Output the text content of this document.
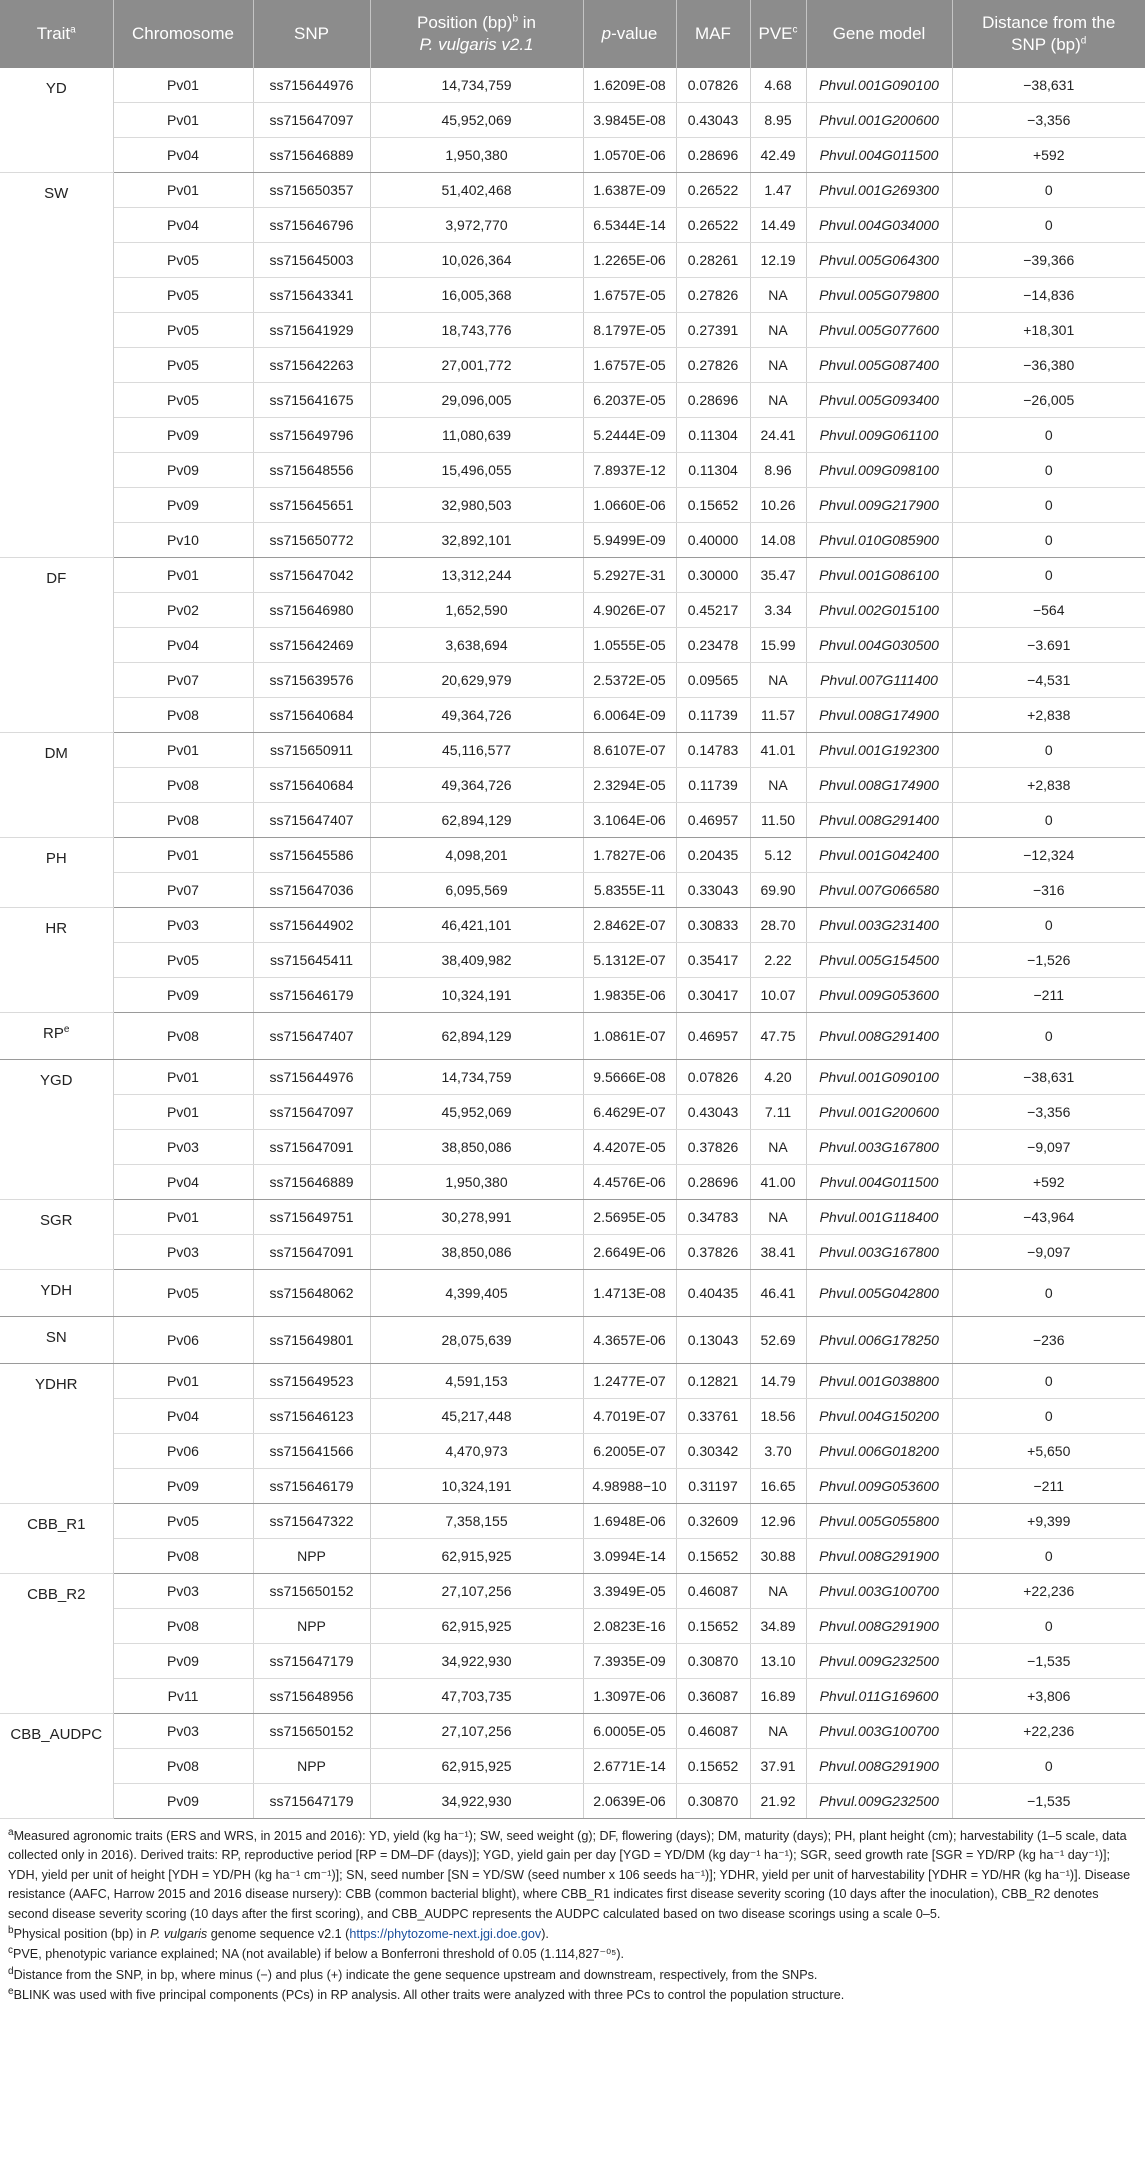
Trait$^a$	Chromosome	SNP	Position (bp)$^b$ in
P. vulgaris v2.1	p-value	MAF	PVE$^c$	Gene model	Distance from the
SNP (bp)$^d$
YD	Pv01	ss715644976	14,734,759	1.6209E-08	0.07826	4.68	Phvul.001G090100	−38,631
	Pv01	ss715647097	45,952,069	3.9845E-08	0.43043	8.95	Phvul.001G200600	−3,356
	Pv04	ss715646889	1,950,380	1.0570E-06	0.28696	42.49	Phvul.004G011500	+592
SW	Pv01	ss715650357	51,402,468	1.6387E-09	0.26522	1.47	Phvul.001G269300	0
	Pv04	ss715646796	3,972,770	6.5344E-14	0.26522	14.49	Phvul.004G034000	0
	Pv05	ss715645003	10,026,364	1.2265E-06	0.28261	12.19	Phvul.005G064300	−39,366
	Pv05	ss715643341	16,005,368	1.6757E-05	0.27826	NA	Phvul.005G079800	−14,836
	Pv05	ss715641929	18,743,776	8.1797E-05	0.27391	NA	Phvul.005G077600	+18,301
	Pv05	ss715642263	27,001,772	1.6757E-05	0.27826	NA	Phvul.005G087400	−36,380
	Pv05	ss715641675	29,096,005	6.2037E-05	0.28696	NA	Phvul.005G093400	−26,005
	Pv09	ss715649796	11,080,639	5.2444E-09	0.11304	24.41	Phvul.009G061100	0
	Pv09	ss715648556	15,496,055	7.8937E-12	0.11304	8.96	Phvul.009G098100	0
	Pv09	ss715645651	32,980,503	1.0660E-06	0.15652	10.26	Phvul.009G217900	0
	Pv10	ss715650772	32,892,101	5.9499E-09	0.40000	14.08	Phvul.010G085900	0
DF	Pv01	ss715647042	13,312,244	5.2927E-31	0.30000	35.47	Phvul.001G086100	0
	Pv02	ss715646980	1,652,590	4.9026E-07	0.45217	3.34	Phvul.002G015100	−564
	Pv04	ss715642469	3,638,694	1.0555E-05	0.23478	15.99	Phvul.004G030500	−3.691
	Pv07	ss715639576	20,629,979	2.5372E-05	0.09565	NA	Phvul.007G111400	−4,531
	Pv08	ss715640684	49,364,726	6.0064E-09	0.11739	11.57	Phvul.008G174900	+2,838
DM	Pv01	ss715650911	45,116,577	8.6107E-07	0.14783	41.01	Phvul.001G192300	0
	Pv08	ss715640684	49,364,726	2.3294E-05	0.11739	NA	Phvul.008G174900	+2,838
	Pv08	ss715647407	62,894,129	3.1064E-06	0.46957	11.50	Phvul.008G291400	0
PH	Pv01	ss715645586	4,098,201	1.7827E-06	0.20435	5.12	Phvul.001G042400	−12,324
	Pv07	ss715647036	6,095,569	5.8355E-11	0.33043	69.90	Phvul.007G066580	−316
HR	Pv03	ss715644902	46,421,101	2.8462E-07	0.30833	28.70	Phvul.003G231400	0
	Pv05	ss715645411	38,409,982	5.1312E-07	0.35417	2.22	Phvul.005G154500	−1,526
	Pv09	ss715646179	10,324,191	1.9835E-06	0.30417	10.07	Phvul.009G053600	−211
$RP^e$	Pv08	ss715647407	62,894,129	1.0861E-07	0.46957	47.75	Phvul.008G291400	0
YGD	Pv01	ss715644976	14,734,759	9.5666E-08	0.07826	4.20	Phvul.001G090100	−38,631
	Pv01	ss715647097	45,952,069	6.4629E-07	0.43043	7.11	Phvul.001G200600	−3,356
	Pv03	ss715647091	38,850,086	4.4207E-05	0.37826	NA	Phvul.003G167800	−9,097
	Pv04	ss715646889	1,950,380	4.4576E-06	0.28696	41.00	Phvul.004G011500	+592
SGR	Pv01	ss715649751	30,278,991	2.5695E-05	0.34783	NA	Phvul.001G118400	−43,964
	Pv03	ss715647091	38,850,086	2.6649E-06	0.37826	38.41	Phvul.003G167800	−9,097
YDH	Pv05	ss715648062	4,399,405	1.4713E-08	0.40435	46.41	Phvul.005G042800	0
SN	Pv06	ss715649801	28,075,639	4.3657E-06	0.13043	52.69	Phvul.006G178250	−236
YDHR	Pv01	ss715649523	4,591,153	1.2477E-07	0.12821	14.79	Phvul.001G038800	0
	Pv04	ss715646123	45,217,448	4.7019E-07	0.33761	18.56	Phvul.004G150200	0
	Pv06	ss715641566	4,470,973	6.2005E-07	0.30342	3.70	Phvul.006G018200	+5,650
	Pv09	ss715646179	10,324,191	4.98988−10	0.31197	16.65	Phvul.009G053600	−211
CBB_R1	Pv05	ss715647322	7,358,155	1.6948E-06	0.32609	12.96	Phvul.005G055800	+9,399
	Pv08	NPP	62,915,925	3.0994E-14	0.15652	30.88	Phvul.008G291900	0
CBB_R2	Pv03	ss715650152	27,107,256	3.3949E-05	0.46087	NA	Phvul.003G100700	+22,236
	Pv08	NPP	62,915,925	2.0823E-16	0.15652	34.89	Phvul.008G291900	0
	Pv09	ss715647179	34,922,930	7.3935E-09	0.30870	13.10	Phvul.009G232500	−1,535
	Pv11	ss715648956	47,703,735	1.3097E-06	0.36087	16.89	Phvul.011G169600	+3,806
CBB_AUDPC	Pv03	ss715650152	27,107,256	6.0005E-05	0.46087	NA	Phvul.003G100700	+22,236
	Pv08	NPP	62,915,925	2.6771E-14	0.15652	37.91	Phvul.008G291900	0
	Pv09	ss715647179	34,922,930	2.0639E-06	0.30870	21.92	Phvul.009G232500	−1,535

$^a$Measured agronomic traits (ERS and WRS, in 2015 and 2016): YD, yield (kg ha⁻¹); SW, seed weight (g); DF, flowering (days); DM, maturity (days); PH, plant height (cm); harvestability (1–5 scale, data collected only in 2016). Derived traits: RP, reproductive period [RP = DM–DF (days)]; YGD, yield gain per day [YGD = YD/DM (kg day⁻¹ ha⁻¹); SGR, seed growth rate [SGR = YD/RP (kg ha⁻¹ day⁻¹)]; YDH, yield per unit of height [YDH = YD/PH (kg ha⁻¹ cm⁻¹)]; SN, seed number [SN = YD/SW (seed number x 106 seeds ha⁻¹)]; YDHR, yield per unit of harvestability [YDHR = YD/HR (kg ha⁻¹)]. Disease resistance (AAFC, Harrow 2015 and 2016 disease nursery): CBB (common bacterial blight), where CBB_R1 indicates first disease severity scoring (10 days after the inoculation), CBB_R2 denotes second disease severity scoring (10 days after the first scoring), and CBB_AUDPC represents the AUDPC calculated based on two disease scorings using a scale 0–5.

$^b$Physical position (bp) in P. vulgaris genome sequence v2.1 (https://phytozome-next.jgi.doe.gov).

$^c$PVE, phenotypic variance explained; NA (not available) if below a Bonferroni threshold of 0.05 (1.114,827⁻⁰⁵).

$^d$Distance from the SNP, in bp, where minus (−) and plus (+) indicate the gene sequence upstream and downstream, respectively, from the SNPs.

$^e$BLINK was used with five principal components (PCs) in RP analysis. All other traits were analyzed with three PCs to control the population structure.
